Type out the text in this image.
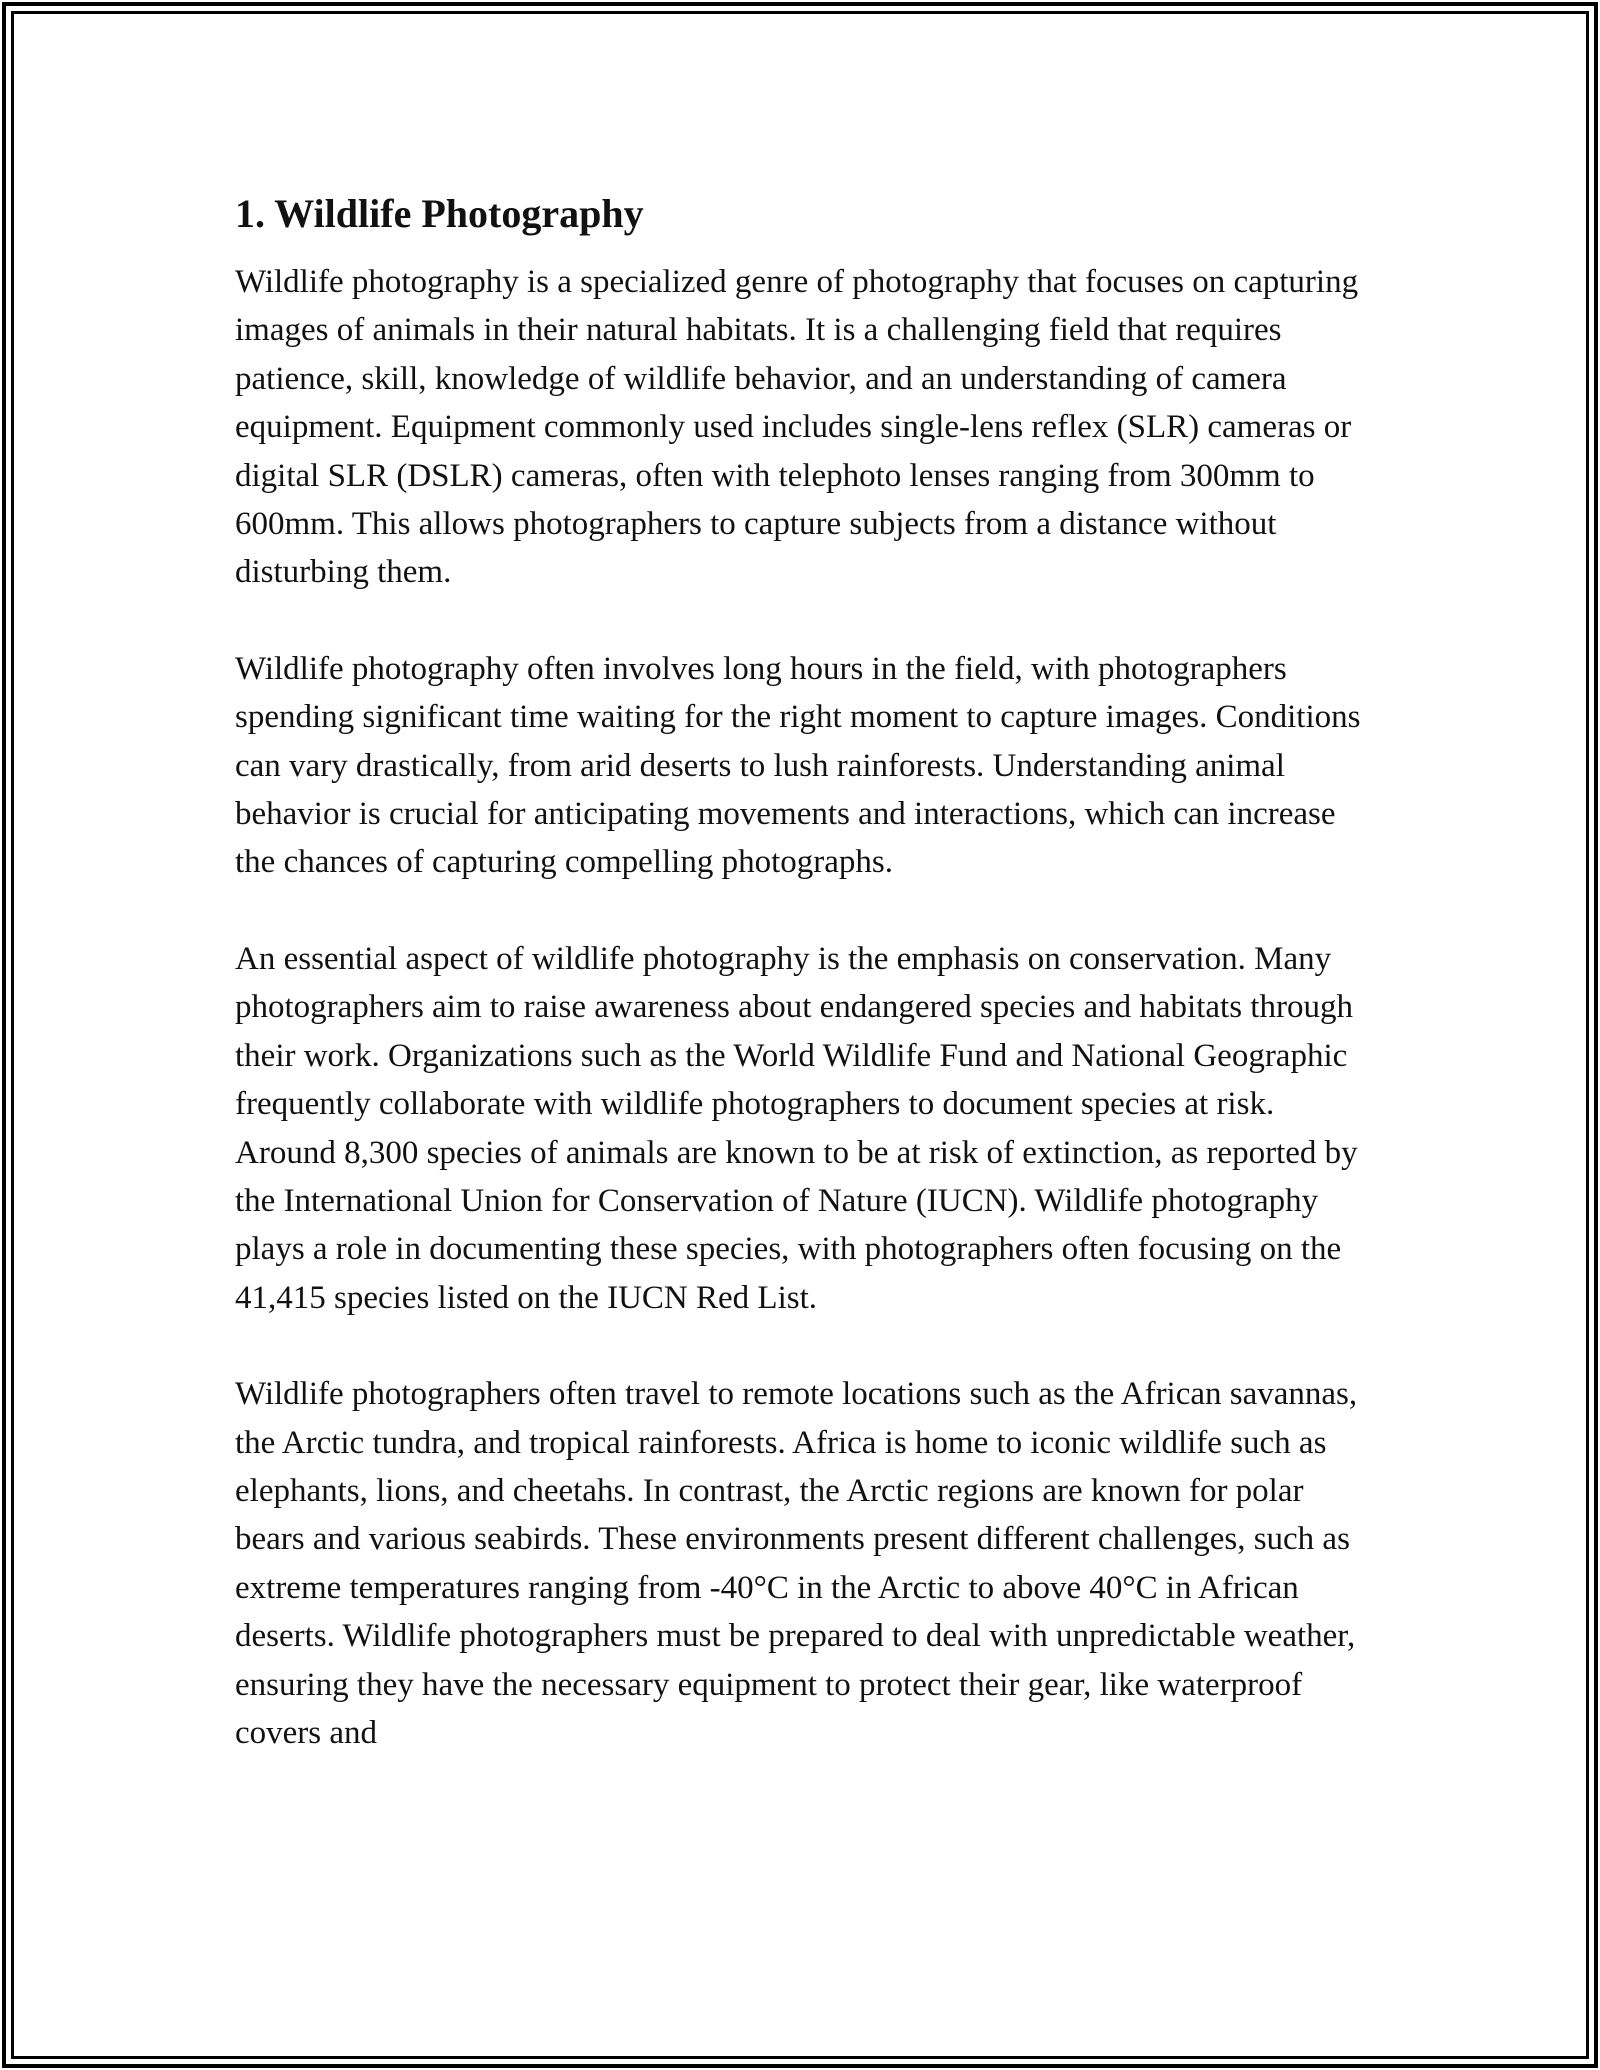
1. Wildlife Photography

Wildlife photography is a specialized genre of photography that focuses on capturing images of animals in their natural habitats. It is a challenging field that requires patience, skill, knowledge of wildlife behavior, and an understanding of camera equipment. Equipment commonly used includes single-lens reflex (SLR) cameras or digital SLR (DSLR) cameras, often with telephoto lenses ranging from 300mm to 600mm. This allows photographers to capture subjects from a distance without disturbing them.

Wildlife photography often involves long hours in the field, with photographers spending significant time waiting for the right moment to capture images. Conditions can vary drastically, from arid deserts to lush rainforests. Understanding animal behavior is crucial for anticipating movements and interactions, which can increase the chances of capturing compelling photographs.

An essential aspect of wildlife photography is the emphasis on conservation. Many photographers aim to raise awareness about endangered species and habitats through their work. Organizations such as the World Wildlife Fund and National Geographic frequently collaborate with wildlife photographers to document species at risk. Around 8,300 species of animals are known to be at risk of extinction, as reported by the International Union for Conservation of Nature (IUCN). Wildlife photography plays a role in documenting these species, with photographers often focusing on the 41,415 species listed on the IUCN Red List.

Wildlife photographers often travel to remote locations such as the African savannas, the Arctic tundra, and tropical rainforests. Africa is home to iconic wildlife such as elephants, lions, and cheetahs. In contrast, the Arctic regions are known for polar bears and various seabirds. These environments present different challenges, such as extreme temperatures ranging from -40°C in the Arctic to above 40°C in African deserts. Wildlife photographers must be prepared to deal with unpredictable weather, ensuring they have the necessary equipment to protect their gear, like waterproof covers and
